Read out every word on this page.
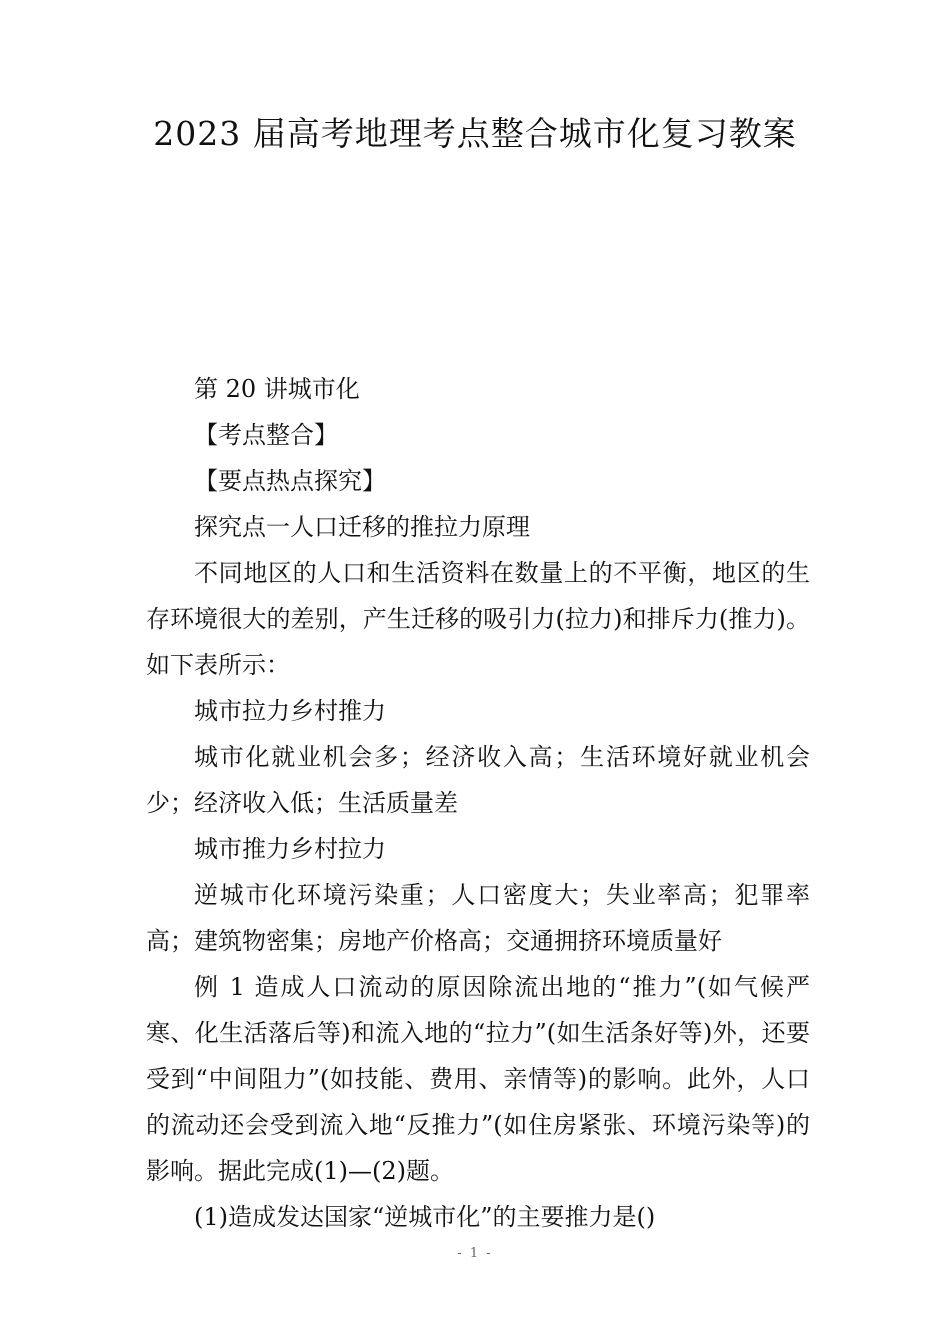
2023 届高考地理考点整合城市化复习教案

第 20 讲城市化

【考点整合】

【要点热点探究】

探究点一人口迁移的推拉力原理

不同地区的人口和生活资料在数量上的不平衡，地区的生存环境很大的差别，产生迁移的吸引力(拉力)和排斥力(推力)。如下表所示：

城市拉力乡村推力

城市化就业机会多；经济收入高；生活环境好就业机会少；经济收入低；生活质量差

城市推力乡村拉力

逆城市化环境污染重；人口密度大；失业率高；犯罪率高；建筑物密集；房地产价格高；交通拥挤环境质量好

例 1 造成人口流动的原因除流出地的“推力”(如气候严寒、化生活落后等)和流入地的“拉力”(如生活条好等)外，还要受到“中间阻力”(如技能、费用、亲情等)的影响。此外，人口的流动还会受到流入地“反推力”(如住房紧张、环境污染等)的影响。据此完成(1)—(2)题。

(1)造成发达国家“逆城市化”的主要推力是()

- 1 -
